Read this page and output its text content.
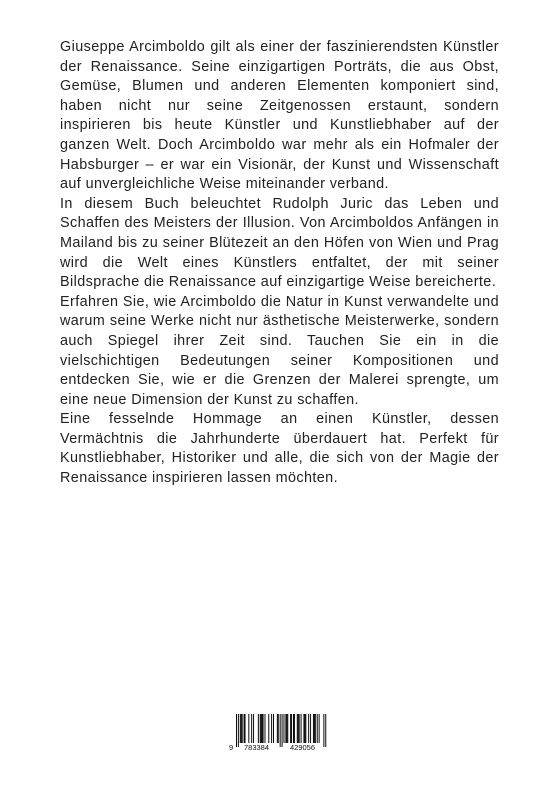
Giuseppe Arcimboldo gilt als einer der faszinierendsten Künstler der Renaissance. Seine einzigartigen Porträts, die aus Obst, Gemüse, Blumen und anderen Elementen komponiert sind, haben nicht nur seine Zeitgenossen erstaunt, sondern inspirieren bis heute Künstler und Kunstliebhaber auf der ganzen Welt. Doch Arcimboldo war mehr als ein Hofmaler der Habsburger – er war ein Visionär, der Kunst und Wissenschaft auf unvergleichliche Weise miteinander verband.

In diesem Buch beleuchtet Rudolph Juric das Leben und Schaffen des Meisters der Illusion. Von Arcimboldos Anfängen in Mailand bis zu seiner Blütezeit an den Höfen von Wien und Prag wird die Welt eines Künstlers entfaltet, der mit seiner Bildsprache die Renaissance auf einzigartige Weise bereicherte.

Erfahren Sie, wie Arcimboldo die Natur in Kunst verwandelte und warum seine Werke nicht nur ästhetische Meisterwerke, sondern auch Spiegel ihrer Zeit sind. Tauchen Sie ein in die vielschichtigen Bedeutungen seiner Kompositionen und entdecken Sie, wie er die Grenzen der Malerei sprengte, um eine neue Dimension der Kunst zu schaffen.

Eine fesselnde Hommage an einen Künstler, dessen Vermächtnis die Jahrhunderte überdauert hat. Perfekt für Kunstliebhaber, Historiker und alle, die sich von der Magie der Renaissance inspirieren lassen möchten.

9 783384	429056
